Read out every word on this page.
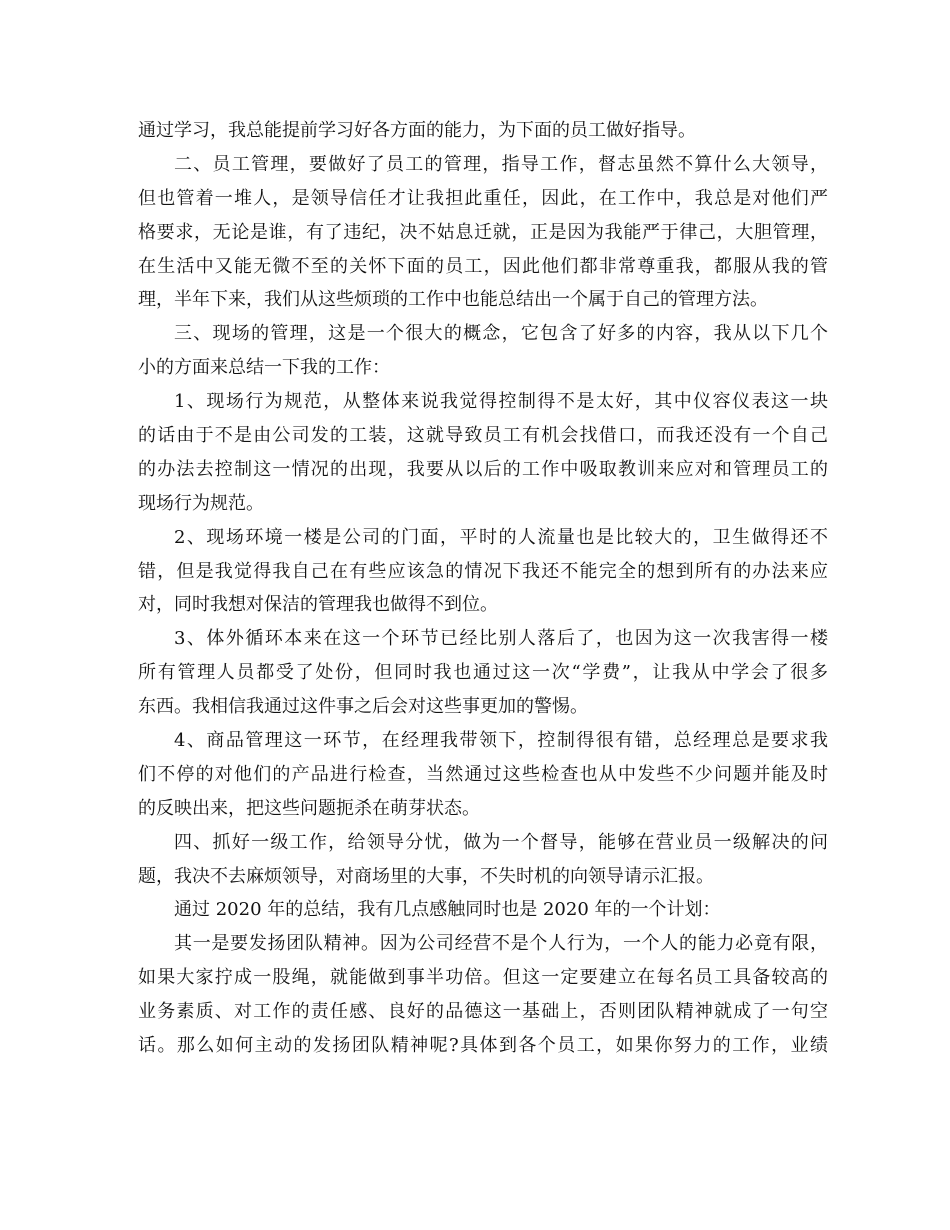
通过学习，我总能提前学习好各方面的能力，为下面的员工做好指导。
二、员工管理，要做好了员工的管理，指导工作，督志虽然不算什么大领导，
但也管着一堆人，是领导信任才让我担此重任，因此，在工作中，我总是对他们严
格要求，无论是谁，有了违纪，决不姑息迁就，正是因为我能严于律己，大胆管理，
在生活中又能无微不至的关怀下面的员工，因此他们都非常尊重我，都服从我的管
理，半年下来，我们从这些烦琐的工作中也能总结出一个属于自己的管理方法。
三、现场的管理，这是一个很大的概念，它包含了好多的内容，我从以下几个
小的方面来总结一下我的工作：
1、现场行为规范，从整体来说我觉得控制得不是太好，其中仪容仪表这一块
的话由于不是由公司发的工装，这就导致员工有机会找借口，而我还没有一个自己
的办法去控制这一情况的出现，我要从以后的工作中吸取教训来应对和管理员工的
现场行为规范。
2、现场环境一楼是公司的门面，平时的人流量也是比较大的，卫生做得还不
错，但是我觉得我自己在有些应该急的情况下我还不能完全的想到所有的办法来应
对，同时我想对保洁的管理我也做得不到位。
3、体外循环本来在这一个环节已经比别人落后了，也因为这一次我害得一楼
所有管理人员都受了处份，但同时我也通过这一次“学费”，让我从中学会了很多
东西。我相信我通过这件事之后会对这些事更加的警惕。
4、商品管理这一环节，在经理我带领下，控制得很有错，总经理总是要求我
们不停的对他们的产品进行检查，当然通过这些检查也从中发些不少问题并能及时
的反映出来，把这些问题扼杀在萌芽状态。
四、抓好一级工作，给领导分忧，做为一个督导，能够在营业员一级解决的问
题，我决不去麻烦领导，对商场里的大事，不失时机的向领导请示汇报。
通过 2020 年的总结，我有几点感触同时也是 2020 年的一个计划：
其一是要发扬团队精神。因为公司经营不是个人行为，一个人的能力必竟有限，
如果大家拧成一股绳，就能做到事半功倍。但这一定要建立在每名员工具备较高的
业务素质、对工作的责任感、良好的品德这一基础上，否则团队精神就成了一句空
话。那么如何主动的发扬团队精神呢?具体到各个员工，如果你努力的工作，业绩
